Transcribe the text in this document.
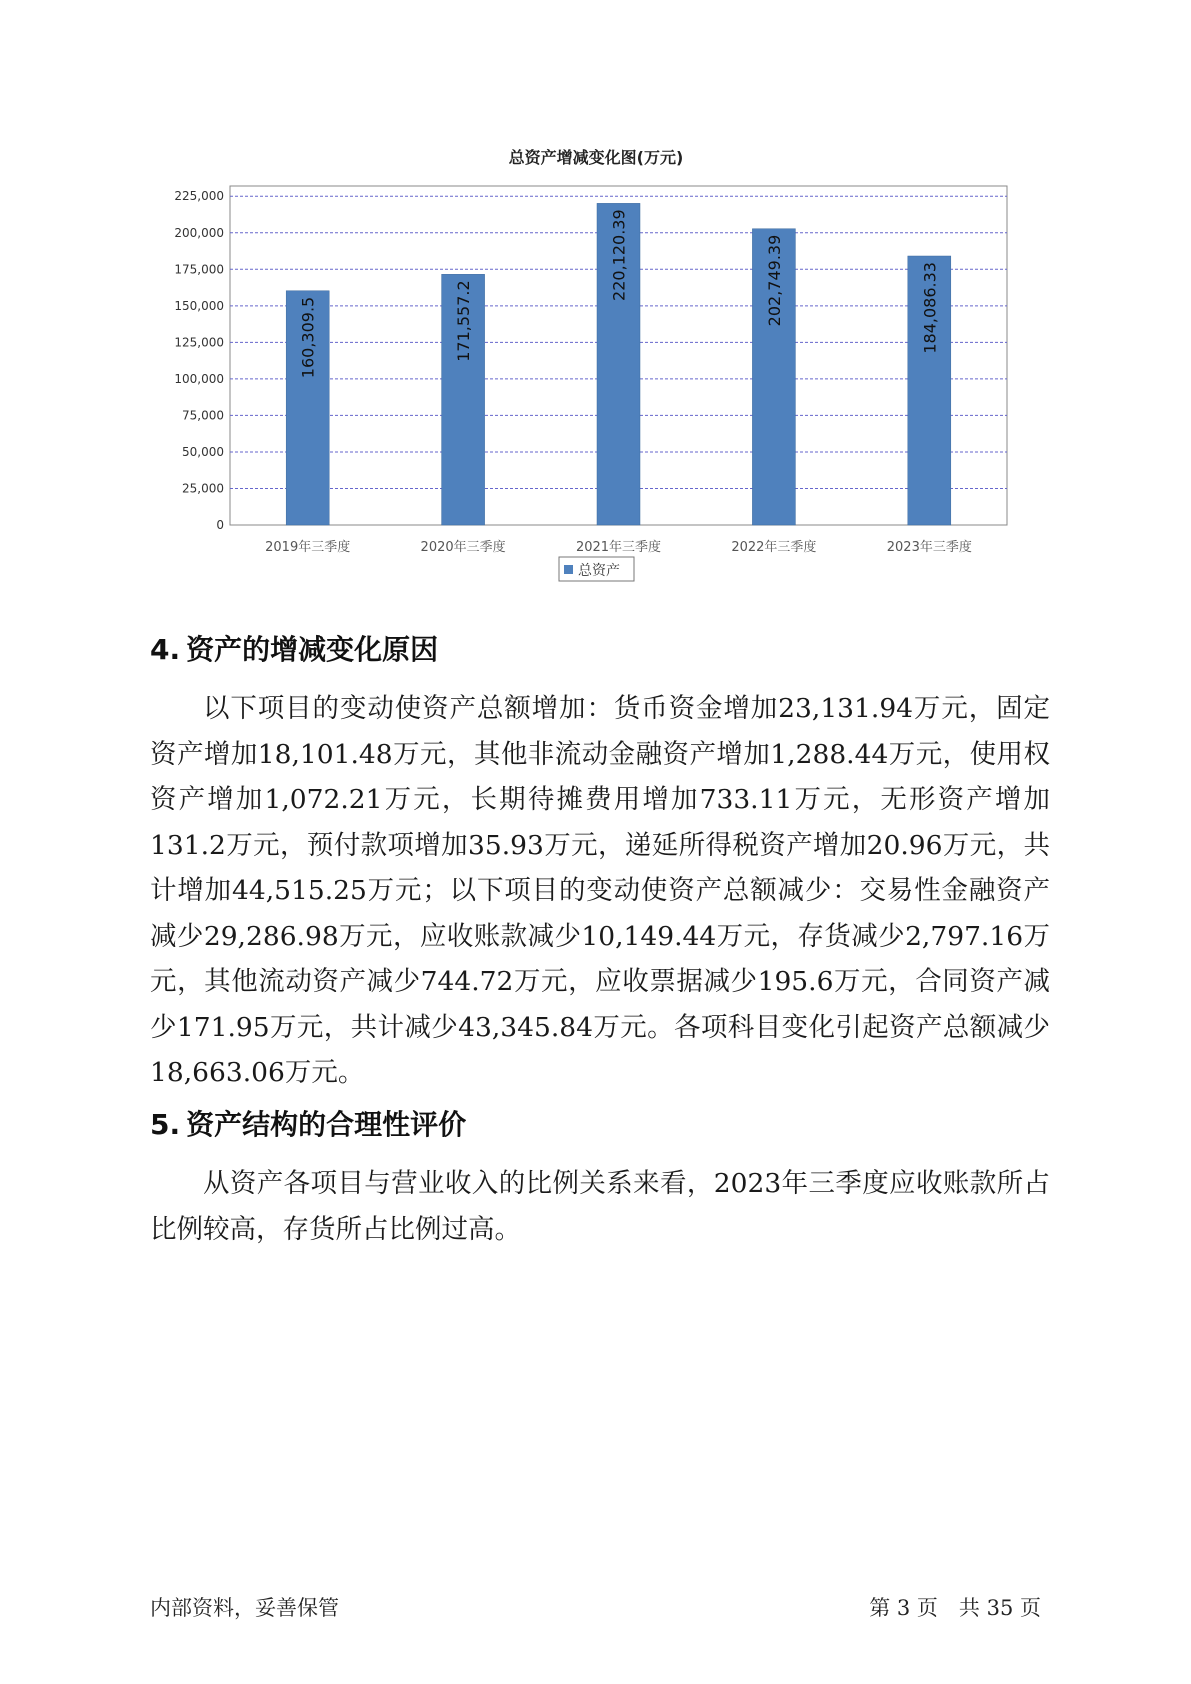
总资产增减变化图(万元)
0
25,000
50,000
75,000
100,000
125,000
150,000
175,000
200,000
225,000
160,309.5	171,557.2
220,120.39	202,749.39	184,086.33
2019年三季度	2020年三季度	2021年三季度	2022年三季度	2023年三季度
总资产
4. 资产的增减变化原因

以下项目的变动使资产总额增加：货币资金增加23,131.94万元，固定资产增加18,101.48万元，其他非流动金融资产增加1,288.44万元，使用权资产增加1,072.21万元，长期待摊费用增加733.11万元，无形资产增加131.2万元，预付款项增加35.93万元，递延所得税资产增加20.96万元，共计增加44,515.25万元；以下项目的变动使资产总额减少：交易性金融资产减少29,286.98万元，应收账款减少10,149.44万元，存货减少2,797.16万元，其他流动资产减少744.72万元，应收票据减少195.6万元，合同资产减少171.95万元，共计减少43,345.84万元。各项科目变化引起资产总额减少18,663.06万元。

5. 资产结构的合理性评价

从资产各项目与营业收入的比例关系来看，2023年三季度应收账款所占比例较高，存货所占比例过高。

内部资料，妥善保管	第 3 页　共 35 页
